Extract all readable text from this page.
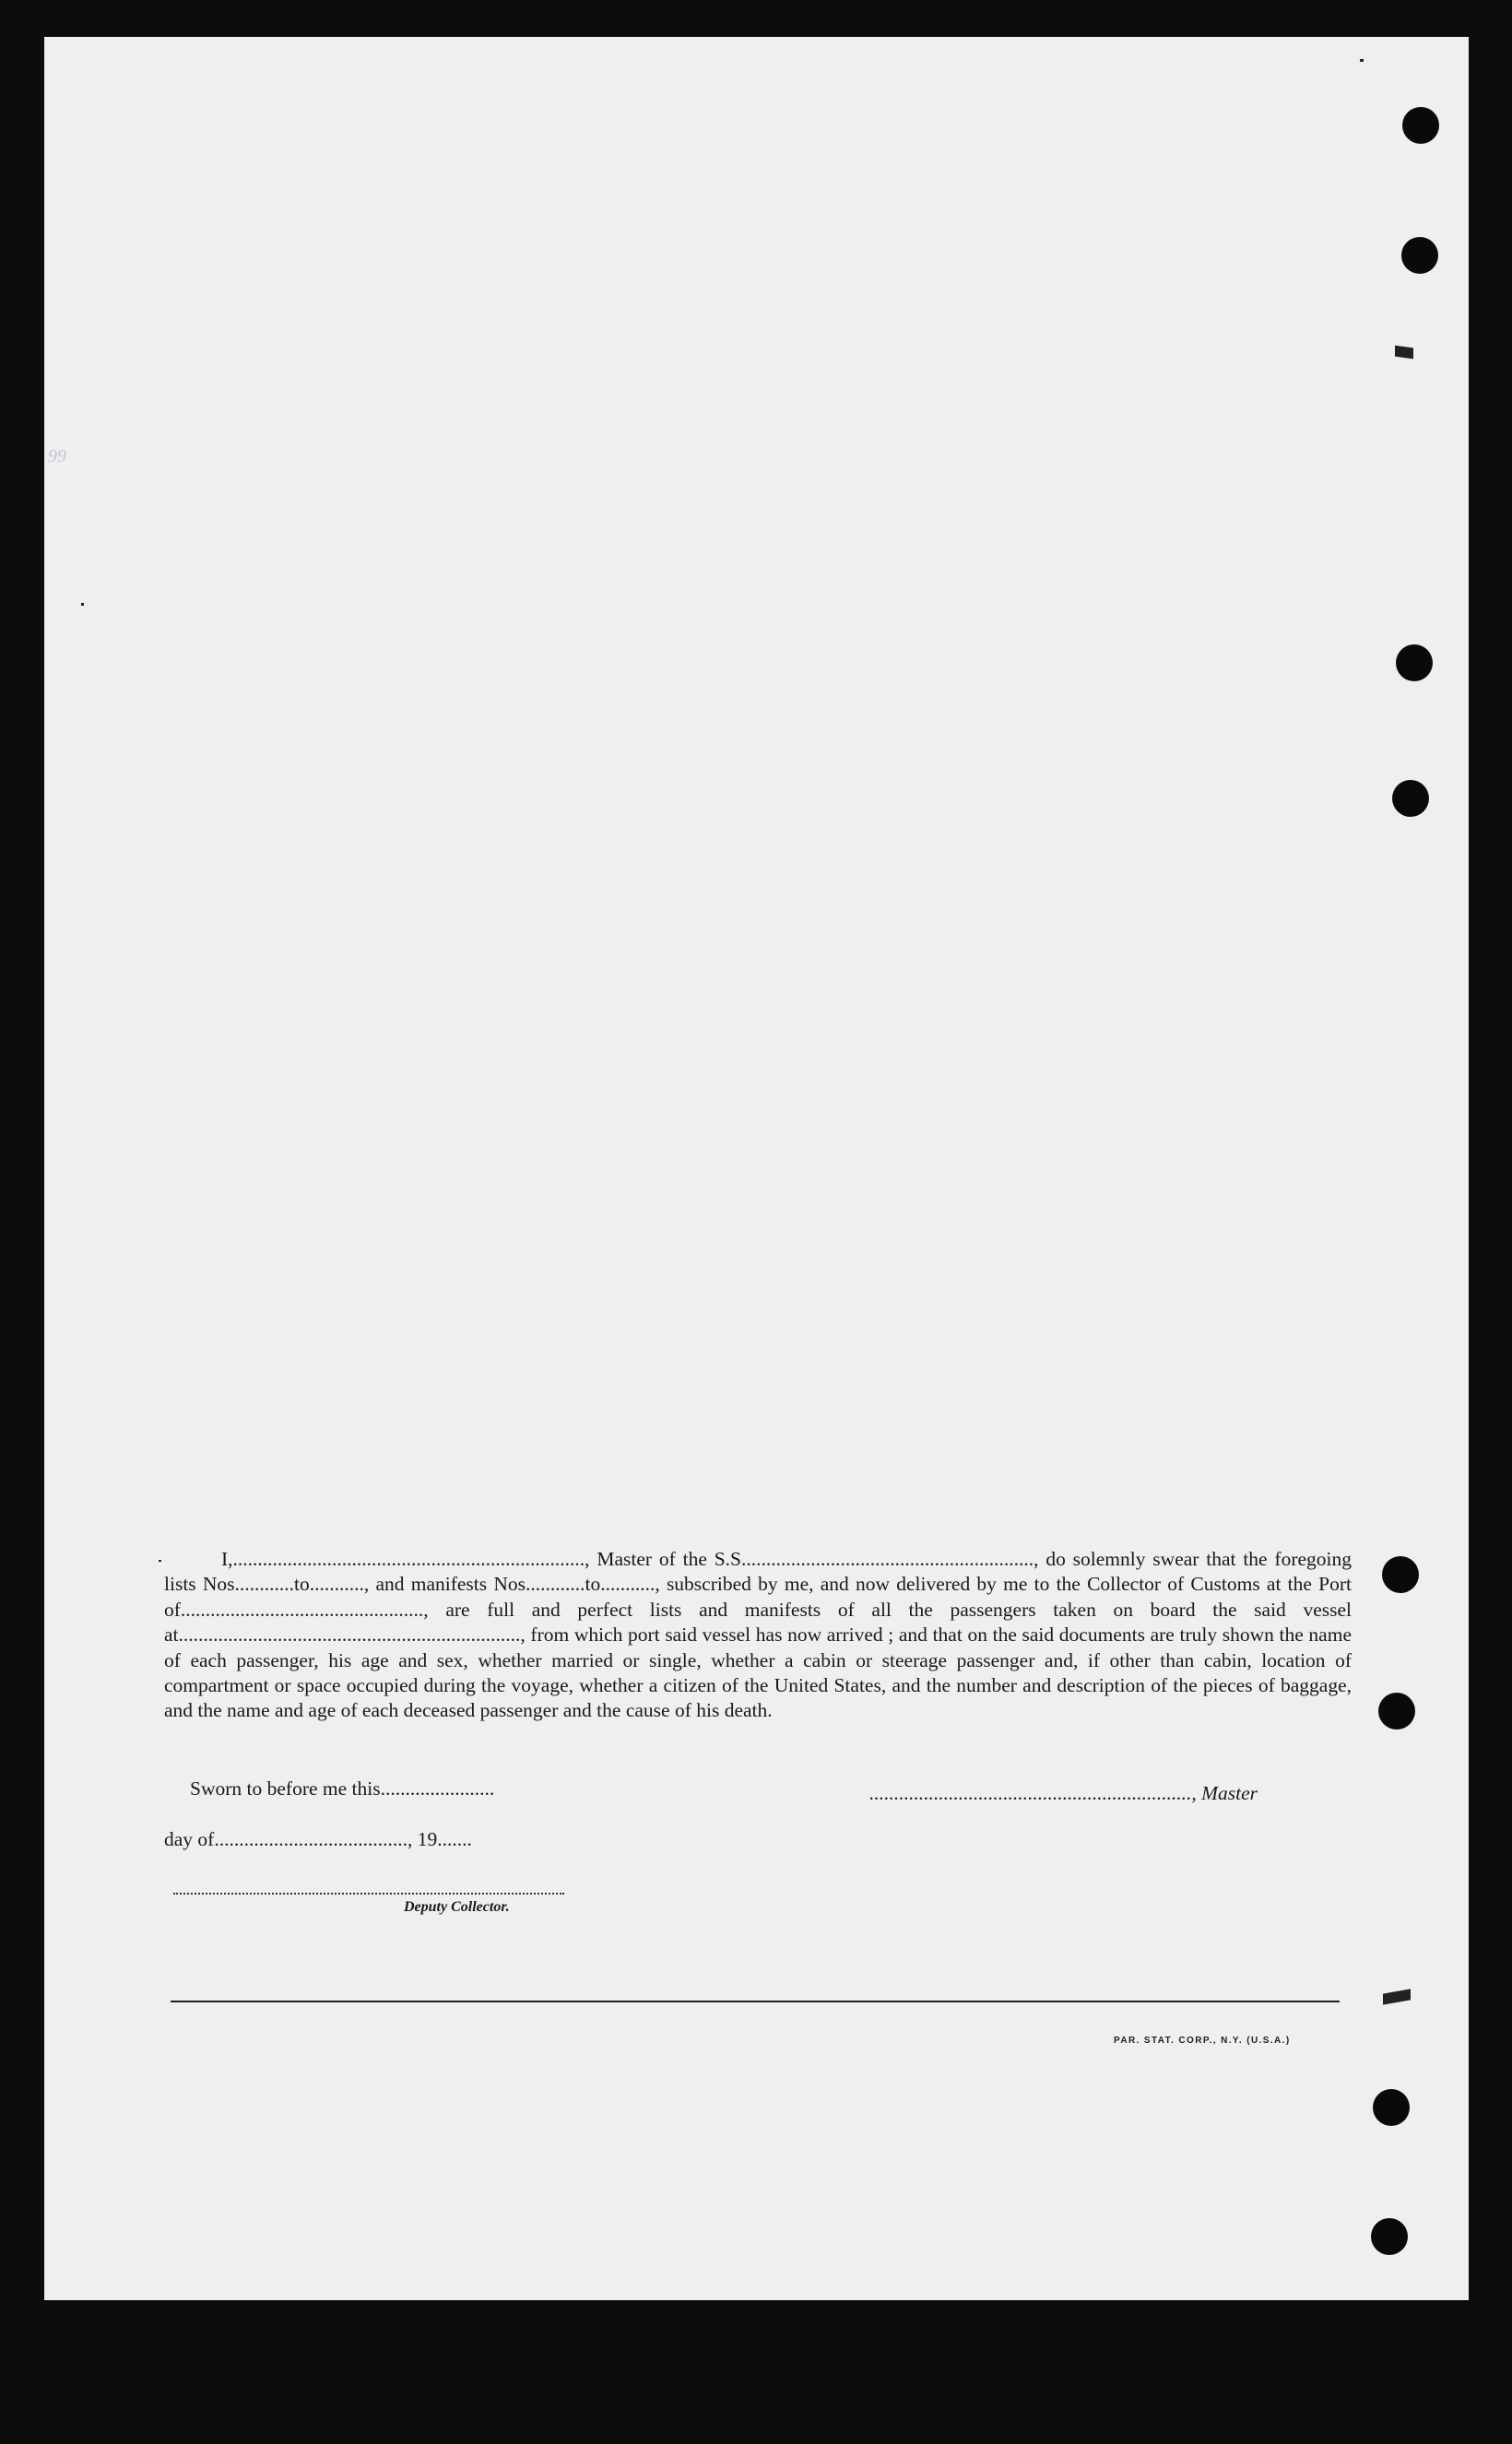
99

I,......................................................................., Master of the S.S..........................................................., do solemnly swear that the foregoing lists Nos............to..........., and manifests Nos............to..........., subscribed by me, and now delivered by me to the Collector of Customs at the Port of................................................., are full and perfect lists and manifests of all the passengers taken on board the said vessel at....................................................................., from which port said vessel has now arrived ; and that on the said documents are truly shown the name of each passenger, his age and sex, whether married or single, whether a cabin or steerage passenger and, if other than cabin, location of compartment or space occupied during the voyage, whether a citizen of the United States, and the number and description of the pieces of baggage, and the name and age of each deceased passenger and the cause of his death.

Sworn to before me this.......................	................................................................., Master
day of......................................., 19.......
Deputy Collector.
PAR. STAT. CORP., N.Y. (U.S.A.)
